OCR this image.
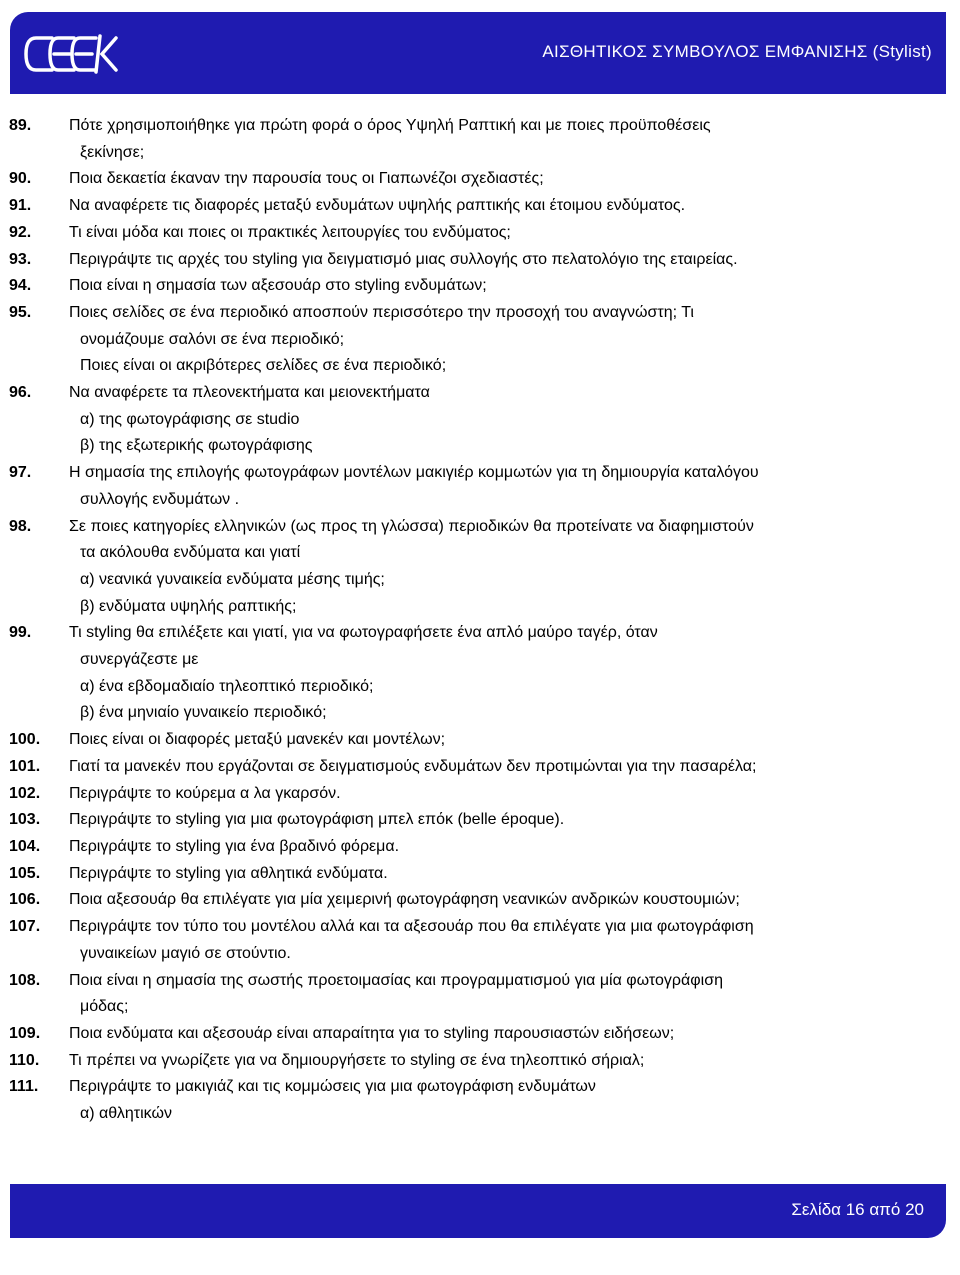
ΑΙΣΘΗΤΙΚΟΣ ΣΥΜΒΟΥΛΟΣ ΕΜΦΑΝΙΣΗΣ (Stylist)
89. Πότε χρησιμοποιήθηκε για πρώτη φορά ο όρος Υψηλή Ραπτική και με ποιες προϋποθέσεις
ξεκίνησε;
90. Ποια δεκαετία έκαναν την παρουσία τους οι Γιαπωνέζοι σχεδιαστές;
91. Να αναφέρετε τις διαφορές μεταξύ ενδυμάτων υψηλής ραπτικής και έτοιμου ενδύματος.
92. Τι είναι μόδα και ποιες οι πρακτικές λειτουργίες του ενδύματος;
93. Περιγράψτε τις αρχές του styling για δειγματισμό μιας συλλογής στο πελατολόγιο της εταιρείας.
94. Ποια είναι η σημασία των αξεσουάρ στο styling ενδυμάτων;
95. Ποιες σελίδες σε ένα περιοδικό αποσπούν περισσότερο την προσοχή του αναγνώστη; Τι
ονομάζουμε σαλόνι σε ένα περιοδικό;
Ποιες είναι οι ακριβότερες σελίδες σε ένα περιοδικό;
96. Να αναφέρετε τα πλεονεκτήματα και μειονεκτήματα
α) της φωτογράφισης σε studio
β) της εξωτερικής φωτογράφισης
97. Η σημασία της επιλογής φωτογράφων μοντέλων μακιγιέρ κομμωτών για τη δημιουργία καταλόγου
συλλογής ενδυμάτων .
98. Σε ποιες κατηγορίες ελληνικών (ως προς τη γλώσσα) περιοδικών θα προτείνατε να διαφημιστούν
τα ακόλουθα ενδύματα και γιατί
α) νεανικά γυναικεία ενδύματα μέσης τιμής;
β) ενδύματα υψηλής ραπτικής;
99. Τι styling θα επιλέξετε και γιατί, για να φωτογραφήσετε ένα απλό μαύρο ταγέρ, όταν
συνεργάζεστε με
α) ένα εβδομαδιαίο τηλεοπτικό περιοδικό;
β) ένα μηνιαίο γυναικείο περιοδικό;
100. Ποιες είναι οι διαφορές μεταξύ μανεκέν και μοντέλων;
101. Γιατί τα μανεκέν που εργάζονται σε δειγματισμούς ενδυμάτων δεν προτιμώνται για την πασαρέλα;
102. Περιγράψτε το κούρεμα α λα γκαρσόν.
103. Περιγράψτε το styling για μια φωτογράφιση μπελ επόκ (belle époque).
104. Περιγράψτε το styling για ένα βραδινό φόρεμα.
105. Περιγράψτε το styling για αθλητικά ενδύματα.
106. Ποια αξεσουάρ θα επιλέγατε για μία χειμερινή φωτογράφηση νεανικών ανδρικών κουστουμιών;
107. Περιγράψτε τον τύπο του μοντέλου αλλά και τα αξεσουάρ που θα επιλέγατε για μια φωτογράφιση
γυναικείων μαγιό σε στούντιο.
108. Ποια είναι η σημασία της σωστής προετοιμασίας και προγραμματισμού για μία φωτογράφιση
μόδας;
109. Ποια ενδύματα και αξεσουάρ είναι απαραίτητα για το styling παρουσιαστών ειδήσεων;
110. Τι πρέπει να γνωρίζετε για να δημιουργήσετε το styling σε ένα τηλεοπτικό σήριαλ;
111. Περιγράψτε το μακιγιάζ και τις κομμώσεις για μια φωτογράφιση ενδυμάτων
α) αθλητικών
Σελίδα 16 από 20
